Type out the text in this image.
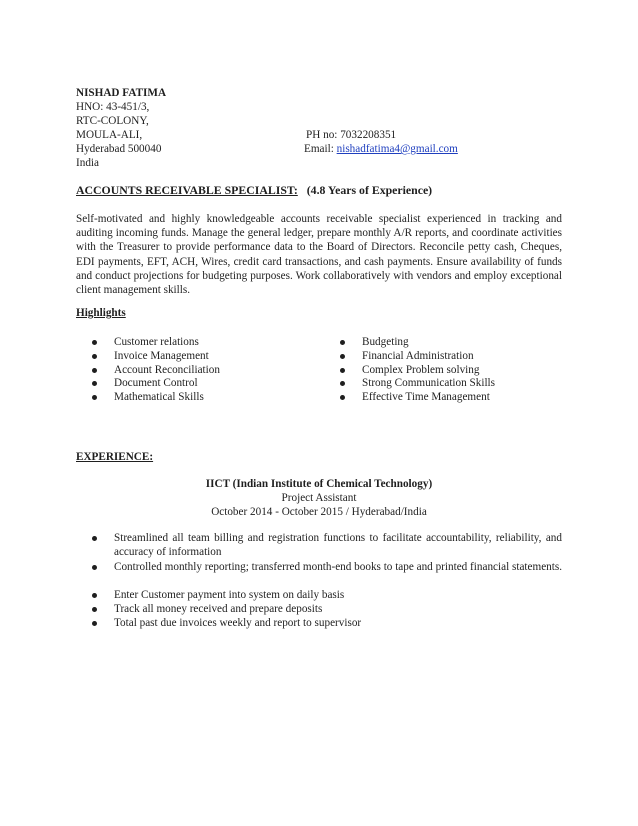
NISHAD FATIMA
HNO: 43-451/3,
RTC-COLONY,
MOULA-ALI,	PH no: 7032208351
Hyderabad 500040	Email: nishadfatima4@gmail.com
India
ACCOUNTS RECEIVABLE SPECIALIST: (4.8 Years of Experience)
Self-motivated and highly knowledgeable accounts receivable specialist experienced in tracking and auditing incoming funds. Manage the general ledger, prepare monthly A/R reports, and coordinate activities with the Treasurer to provide performance data to the Board of Directors. Reconcile petty cash, Cheques, EDI payments, EFT, ACH, Wires, credit card transactions, and cash payments. Ensure availability of funds and conduct projections for budgeting purposes. Work collaboratively with vendors and employ exceptional client management skills.
Highlights
Customer relations
Invoice Management
Account Reconciliation
Document Control
Mathematical Skills
Budgeting
Financial Administration
Complex Problem solving
Strong Communication Skills
Effective Time Management
EXPERIENCE:
IICT (Indian Institute of Chemical Technology)
Project Assistant
October 2014 - October 2015 / Hyderabad/India
Streamlined all team billing and registration functions to facilitate accountability, reliability, and accuracy of information
Controlled monthly reporting; transferred month-end books to tape and printed financial statements.
Enter Customer payment into system on daily basis
Track all money received and prepare deposits
Total past due invoices weekly and report to supervisor
